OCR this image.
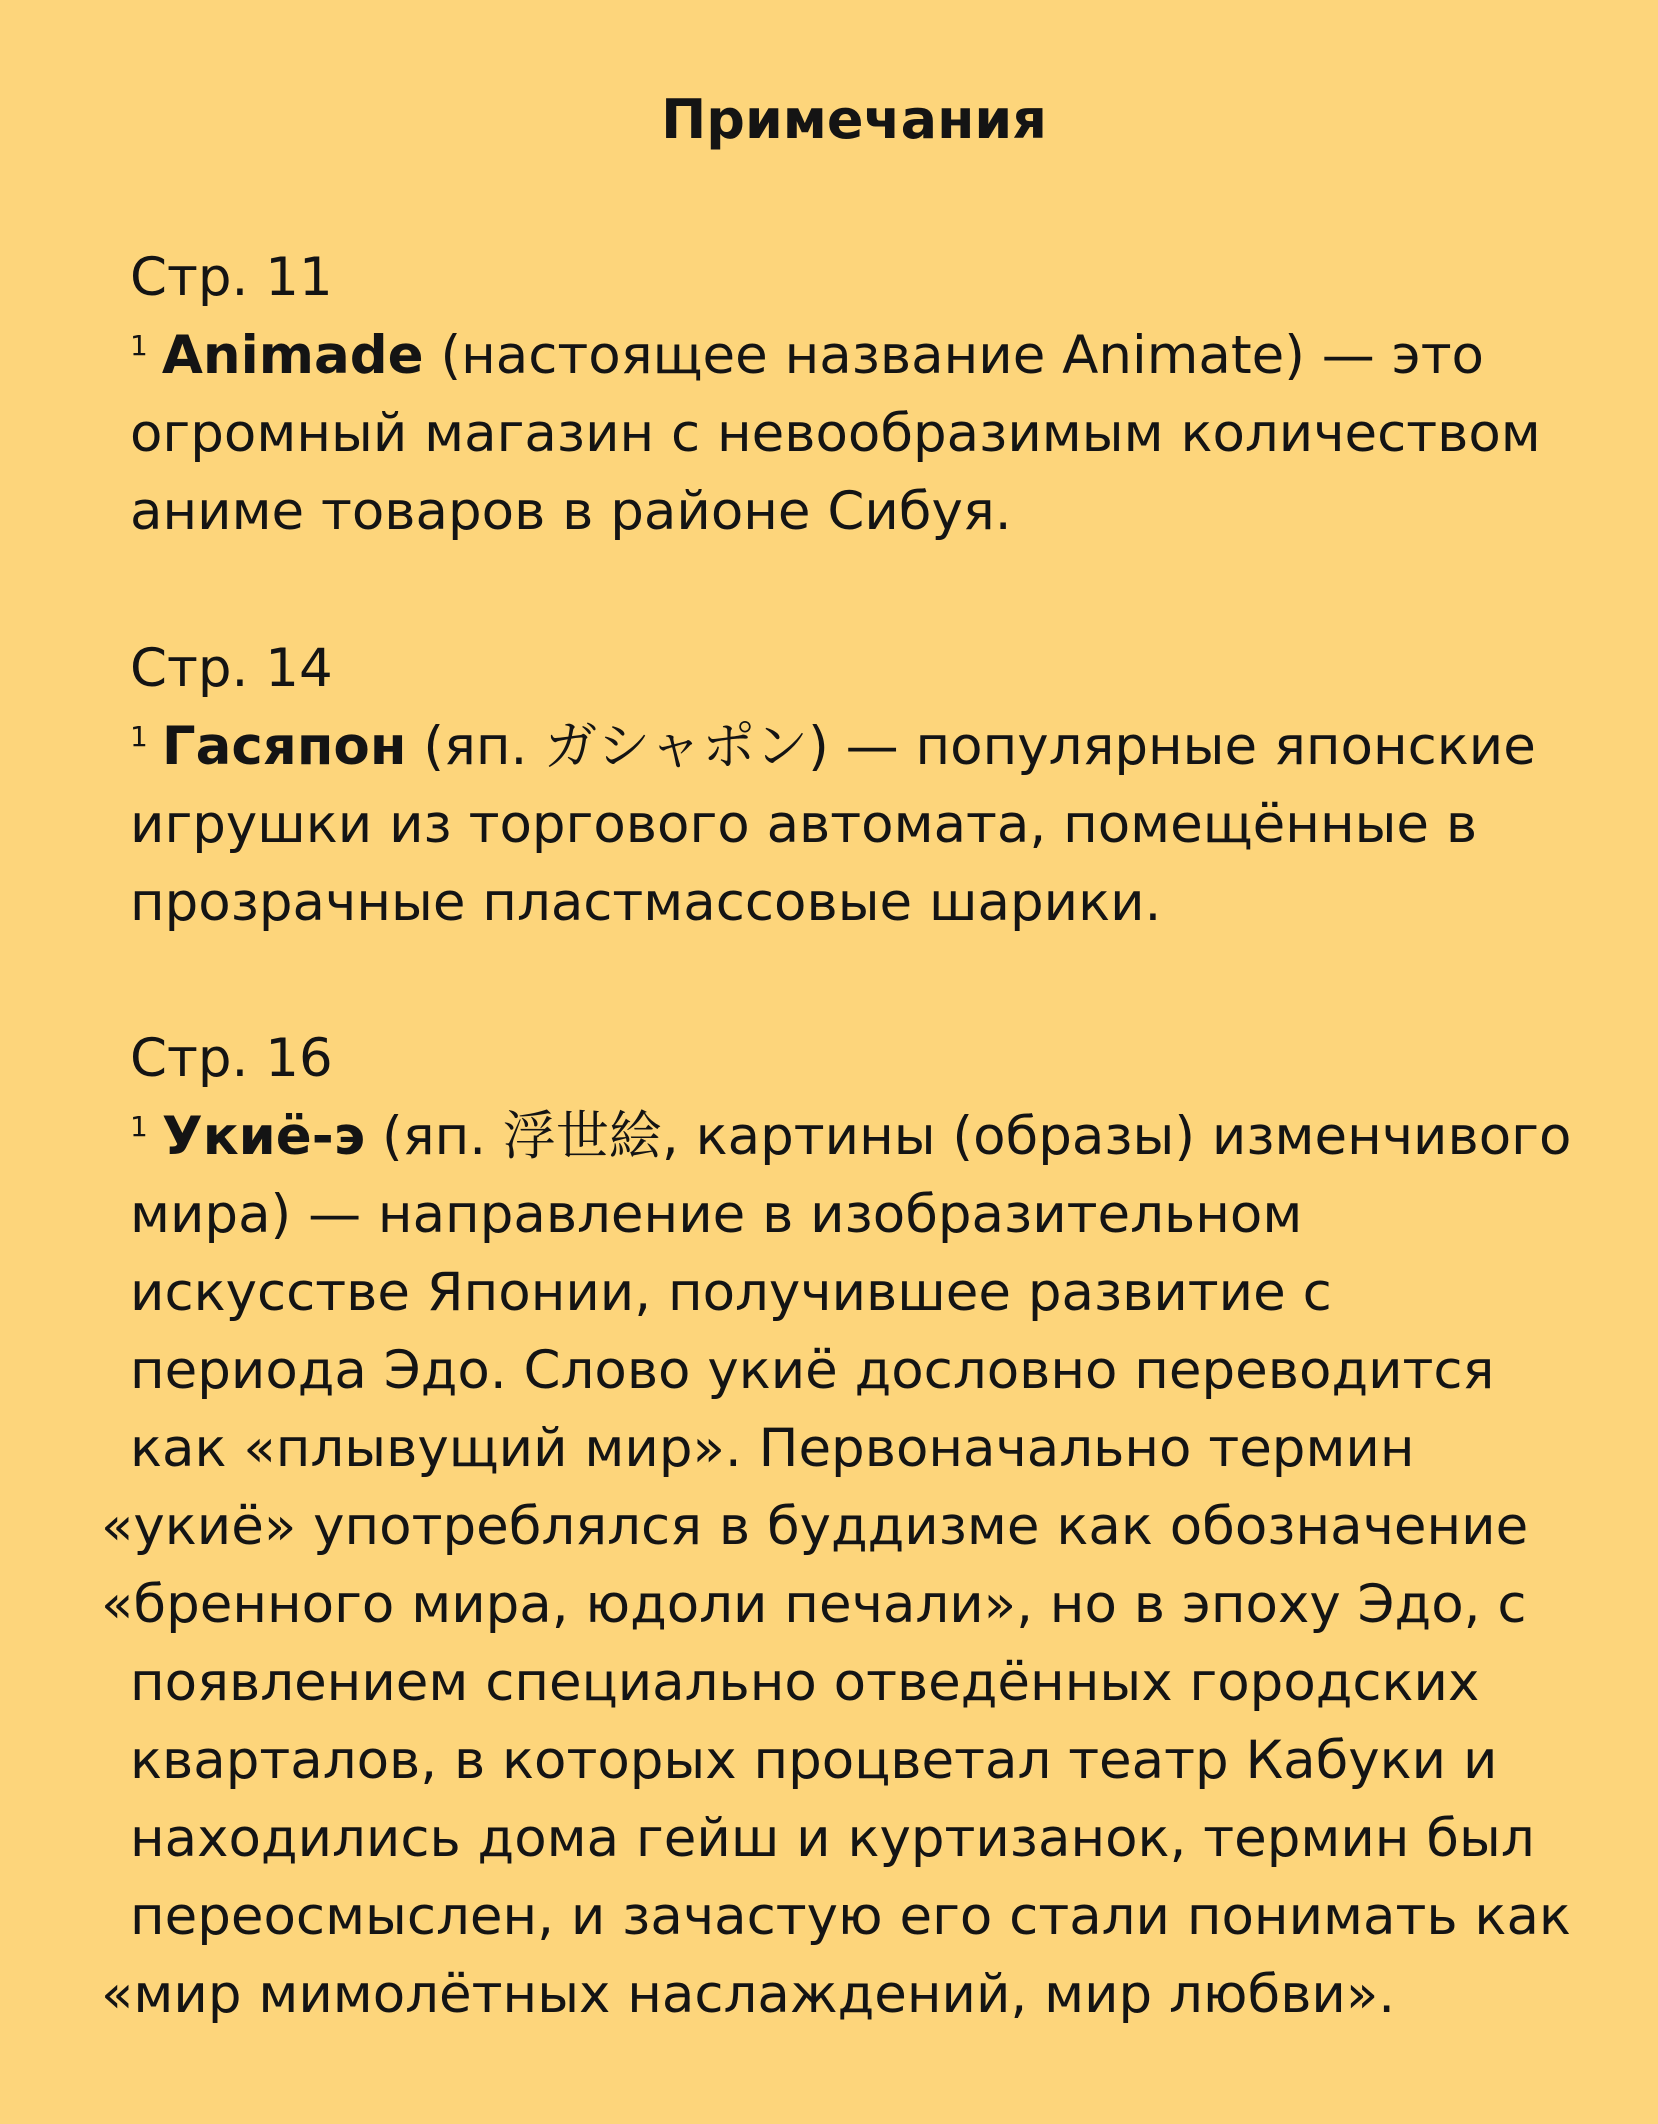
Примечания
Стр. 11
$^1$ Animade (настоящее название Animate) — это
огромный магазин с невообразимым количеством
аниме товаров в районе Сибуя.
Стр. 14
$^1$ Гасяпон (яп. ガシャポン) — популярные японские
игрушки из торгового автомата, помещённые в
прозрачные пластмассовые шарики.
Стр. 16
$^1$ Укиё-э (яп. 浮世絵, картины (образы) изменчивого
мира) — направление в изобразительном
искусстве Японии, получившее развитие с
периода Эдо. Слово укиё дословно переводится
как «плывущий мир». Первоначально термин
«укиё» употреблялся в буддизме как обозначение
«бренного мира, юдоли печали», но в эпоху Эдо, с
появлением специально отведённых городских
кварталов, в которых процветал театр Кабуки и
находились дома гейш и куртизанок, термин был
переосмыслен, и зачастую его стали понимать как
«мир мимолётных наслаждений, мир любви».
